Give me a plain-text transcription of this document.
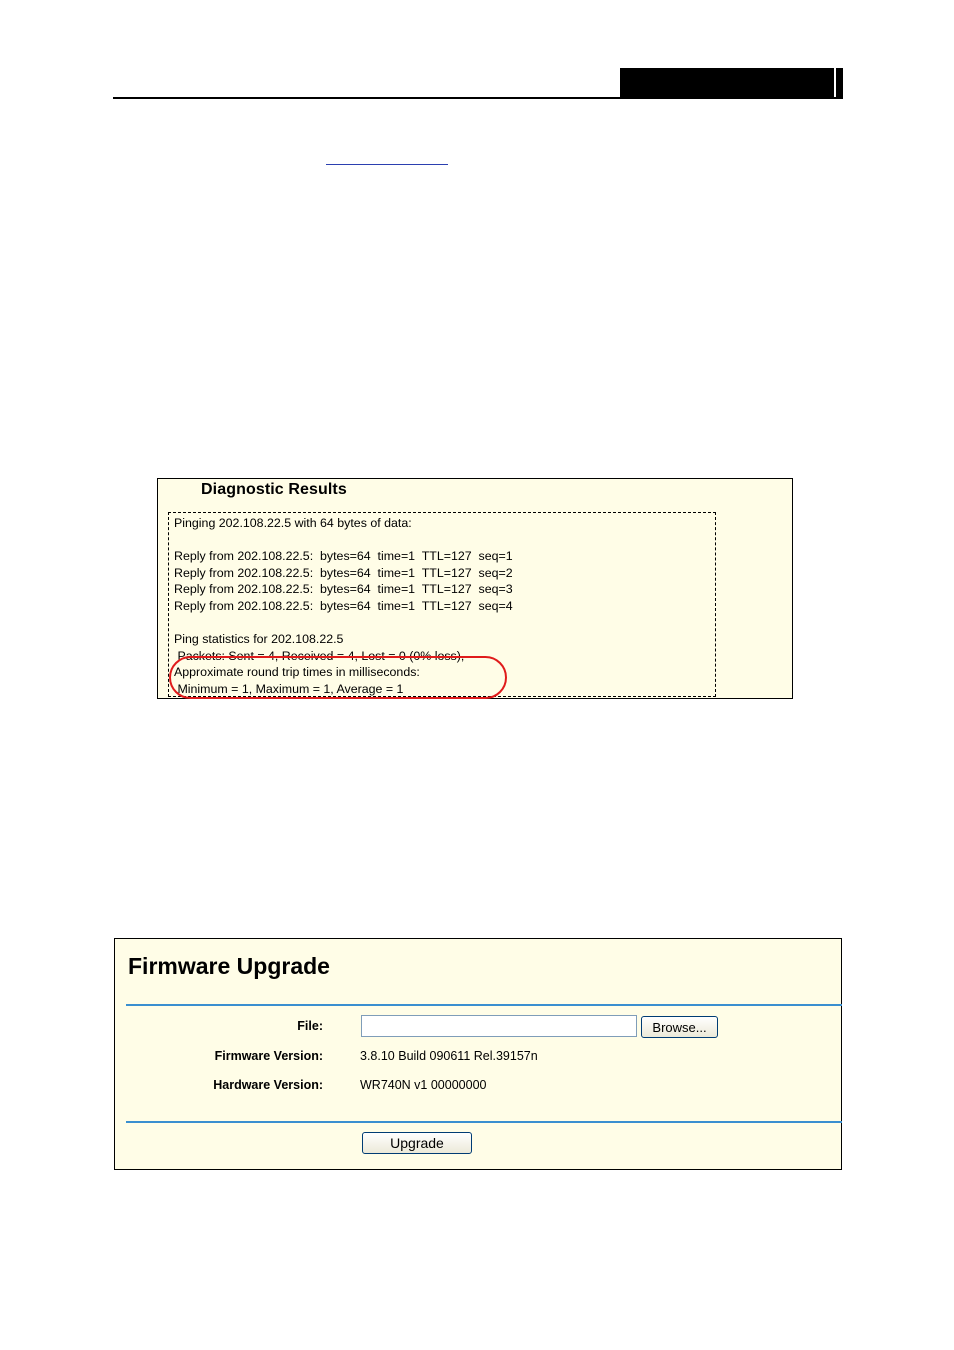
Diagnostic Results
Pinging 202.108.22.5 with 64 bytes of data:
Reply from 202.108.22.5:  bytes=64  time=1  TTL=127  seq=1
Reply from 202.108.22.5:  bytes=64  time=1  TTL=127  seq=2
Reply from 202.108.22.5:  bytes=64  time=1  TTL=127  seq=3
Reply from 202.108.22.5:  bytes=64  time=1  TTL=127  seq=4
Ping statistics for 202.108.22.5
Packets: Sent = 4, Received = 4, Lost = 0 (0% loss),
Approximate round trip times in milliseconds:
Minimum = 1, Maximum = 1, Average = 1
Firmware Upgrade
File:	Browse...
Firmware Version:	3.8.10 Build 090611 Rel.39157n
Hardware Version:	WR740N v1 00000000
Upgrade
